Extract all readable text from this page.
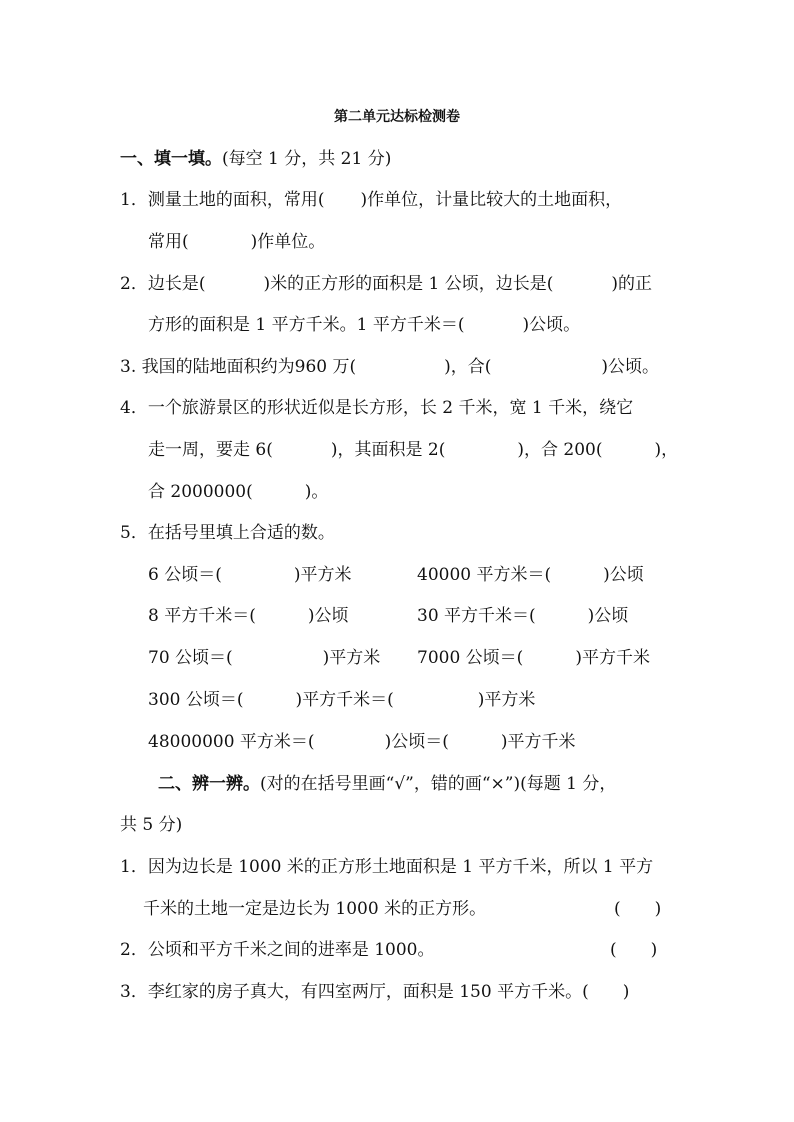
第二单元达标检测卷
一、填一填。(每空 1 分，共 21 分)
1．测量土地的面积，常用( )作单位，计量比较大的土地面积，
常用(	)作单位。
2．边长是(	)米的正方形的面积是 1 公顷，边长是(	)的正
方形的面积是 1 平方千米。1 平方千米＝(	)公顷。
3. 我国的陆地面积约为960 万(	)，合(	)公顷。
4．一个旅游景区的形状近似是长方形，长 2 千米，宽 1 千米，绕它
走一周，要走 6(	)，其面积是 2(	)，合 200(	)，
合 2000000(	)。
5．在括号里填上合适的数。
6 公顷＝(	)平方米	40000 平方米＝(	)公顷
8 平方千米＝(	)公顷	30 平方千米＝(	)公顷
70 公顷＝(	)平方米 7000 公顷＝(	)平方千米
300 公顷＝(	)平方千米＝(	)平方米
48000000 平方米＝(	)公顷＝(	)平方千米
二、辨一辨。(对的在括号里画“√”，错的画“×”)(每题 1 分，
共 5 分)
1．因为边长是 1000 米的正方形土地面积是 1 平方千米，所以 1 平方
千米的土地一定是边长为 1000 米的正方形。	(　　)
2．公顷和平方千米之间的进率是 1000。	(　　)
3．李红家的房子真大，有四室两厅，面积是 150 平方千米。(　　)
